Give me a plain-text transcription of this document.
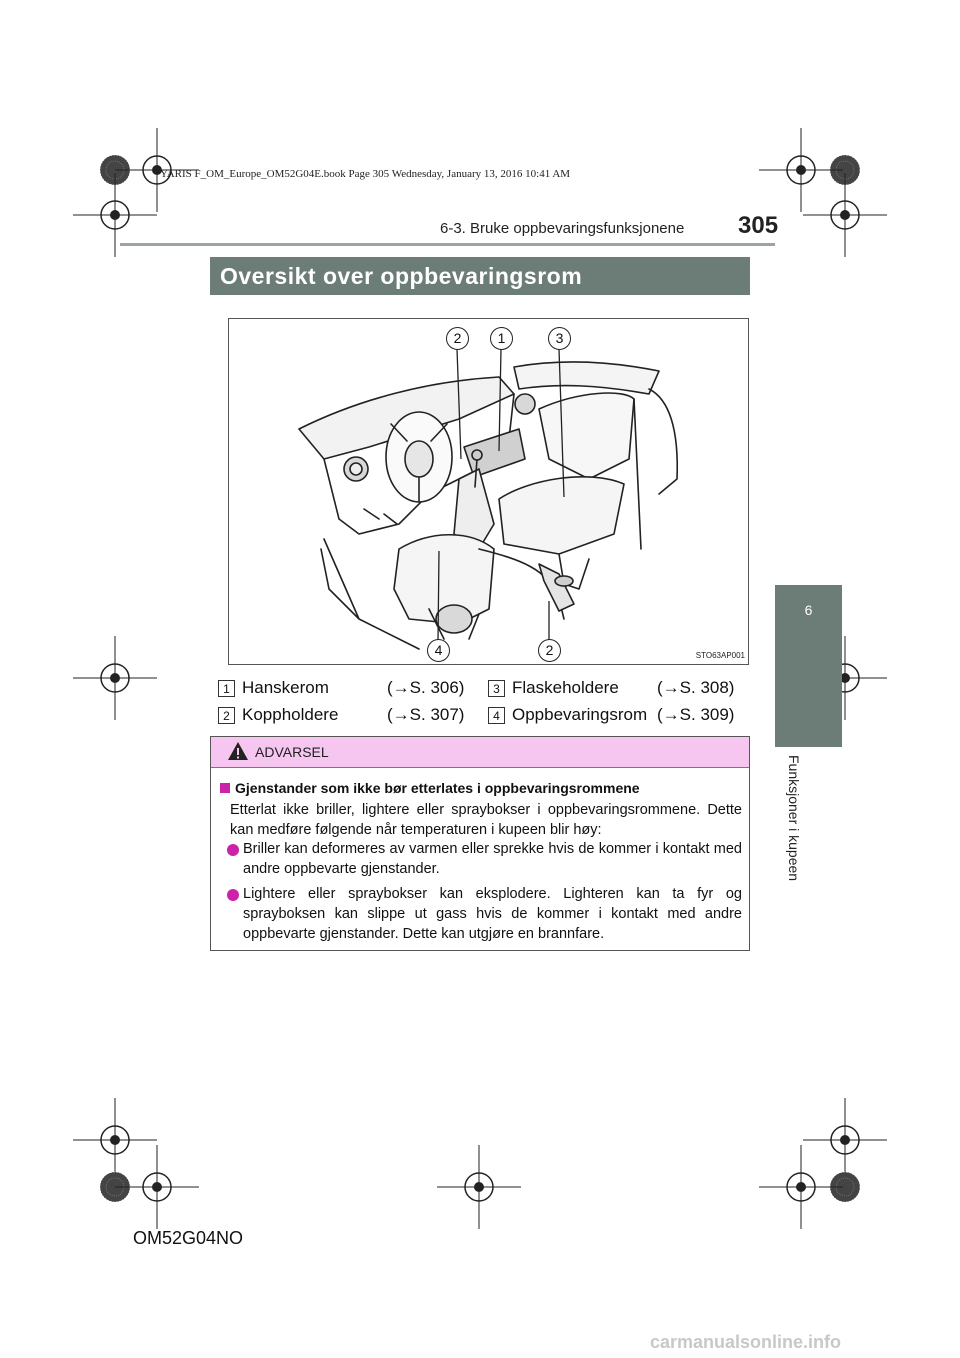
YARIS F_OM_Europe_OM52G04E.book Page 305 Wednesday, January 13, 2016 10:41 AM
6-3. Bruke oppbevaringsfunksjonene 305
Oversikt over oppbevaringsrom
6
Funksjoner i kupeen
2	1	3
4	2	STO63AP001
1 Hanskerom	(→S. 306)	3 Flaskeholdere (→S. 308)
2 Koppholdere	(→S. 307)	4 Oppbevaringsrom (→S. 309)
ADVARSEL
Gjenstander som ikke bør etterlates i oppbevaringsrommene
Etterlat ikke briller, lightere eller spraybokser i oppbevaringsrommene. Dette kan medføre følgende når temperaturen i kupeen blir høy:
Briller kan deformeres av varmen eller sprekke hvis de kommer i kontakt med andre oppbevarte gjenstander.
Lightere eller spraybokser kan eksplodere. Lighteren kan ta fyr og sprayboksen kan slippe ut gass hvis de kommer i kontakt med andre oppbevarte gjenstander. Dette kan utgjøre en brannfare.
OM52G04NO
carmanualsonline.info
